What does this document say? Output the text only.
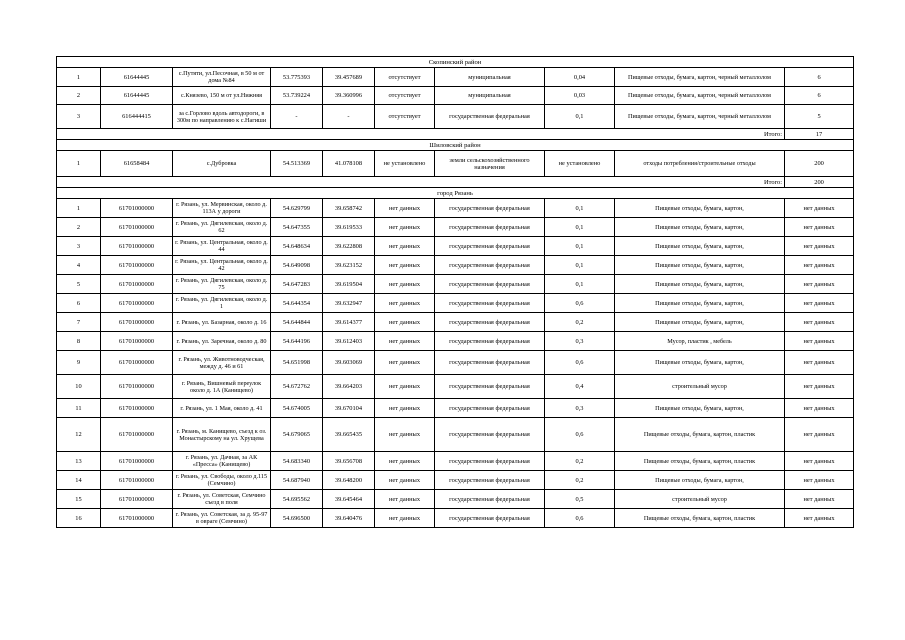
Скопинский район									
1	61644445	с.Путяти, ул.Песочная, в 50 м от дома №84	53.775393	39.457689	отсутствует	муниципальная	0,04	Пищевые отходы, бумага, картон, черный металлолом	6
2	61644445	с.Князево, 150 м от ул.Нижняя	53.739224	39.360996	отсутствует	муниципальная	0,03	Пищевые отходы, бумага, картон, черный металлолом	6
3	616444415	за с.Горлово вдоль автодороги, в 300м по направлению к с.Нагиши	-	-	отсутствует	государственная федеральная	0,1	Пищевые отходы, бумага, картон, черный металлолом	5
Итого:									17
Шиловский район									
1	61658484	с.Дубровка	54.513369	41.078108	не установлено	земли сельскохозяйственного назначения	не установлено	отходы потребления/строительные отходы	200
Итого:									200
город Рязань									
1	61701000000	г. Рязань, ул. Мервинская, около д. 113А у дороги	54.629799	39.658742	нет данных	государственная федеральная	0,1	Пищевые отходы, бумага, картон,	нет данных
2	61701000000	г. Рязань, ул. Дягилевская, около д. 62	54.647355	39.619533	нет данных	государственная федеральная	0,1	Пищевые отходы, бумага, картон,	нет данных
3	61701000000	г. Рязань, ул. Центральная, около д. 44	54.648634	39.622808	нет данных	государственная федеральная	0,1	Пищевые отходы, бумага, картон,	нет данных
4	61701000000	г. Рязань, ул. Центральная, около д. 42	54.649098	39.623152	нет данных	государственная федеральная	0,1	Пищевые отходы, бумага, картон,	нет данных
5	61701000000	г. Рязань, ул. Дягилевская, около д. 75	54.647283	39.619504	нет данных	государственная федеральная	0,1	Пищевые отходы, бумага, картон,	нет данных
6	61701000000	г. Рязань, ул. Дягилевская, около д. 1	54.644354	39.632947	нет данных	государственная федеральная	0,6	Пищевые отходы, бумага, картон,	нет данных
7	61701000000	г. Рязань, ул. Базарная, около д. 16	54.644844	39.614377	нет данных	государственная федеральная	0,2	Пищевые отходы, бумага, картон,	нет данных
8	61701000000	г. Рязань, ул. Заречная, около д. 80	54.644196	39.612403	нет данных	государственная федеральная	0,3	Мусор, пластик , мебель	нет данных
9	61701000000	г. Рязань, ул. Животноводческая, между д. 46 и 61	54.651998	39.603069	нет данных	государственная федеральная	0,6	Пищевые отходы, бумага, картон,	нет данных
10	61701000000	г. Рязань, Вишневый переулок около д. 1А (Канищево)	54.672762	39.664203	нет данных	государственная федеральная	0,4	строительный мусор	нет данных
11	61701000000	г. Рязань, ул. 1 Мая, около д. 41	54.674005	39.670104	нет данных	государственная федеральная	0,3	Пищевые отходы, бумага, картон,	нет данных
12	61701000000	г. Рязань, м. Канищево, съезд к оз. Монастырскому на ул. Хрущева	54.679065	39.665435	нет данных	государственная федеральная	0,6	Пищевые отходы, бумага, картон, пластик	нет данных
13	61701000000	г. Рязань, ул. Дачная, за АК «Пресса» (Канищево)	54.683340	39.656708	нет данных	государственная федеральная	0,2	Пищевые отходы, бумага, картон, пластик	нет данных
14	61701000000	г. Рязань, ул. Свободы, около д.115 (Семчино)	54.687940	39.648200	нет данных	государственная федеральная	0,2	Пищевые отходы, бумага, картон,	нет данных
15	61701000000	г. Рязань, ул. Советская, Семчино съезд в поля	54.695562	39.645464	нет данных	государственная федеральная	0,5	строительный мусор	нет данных
16	61701000000	г. Рязань, ул. Советская, за д. 95-97 в овраге (Семчино)	54.696500	39.640476	нет данных	государственная федеральная	0,6	Пищевые отходы, бумага, картон, пластик	нет данных
